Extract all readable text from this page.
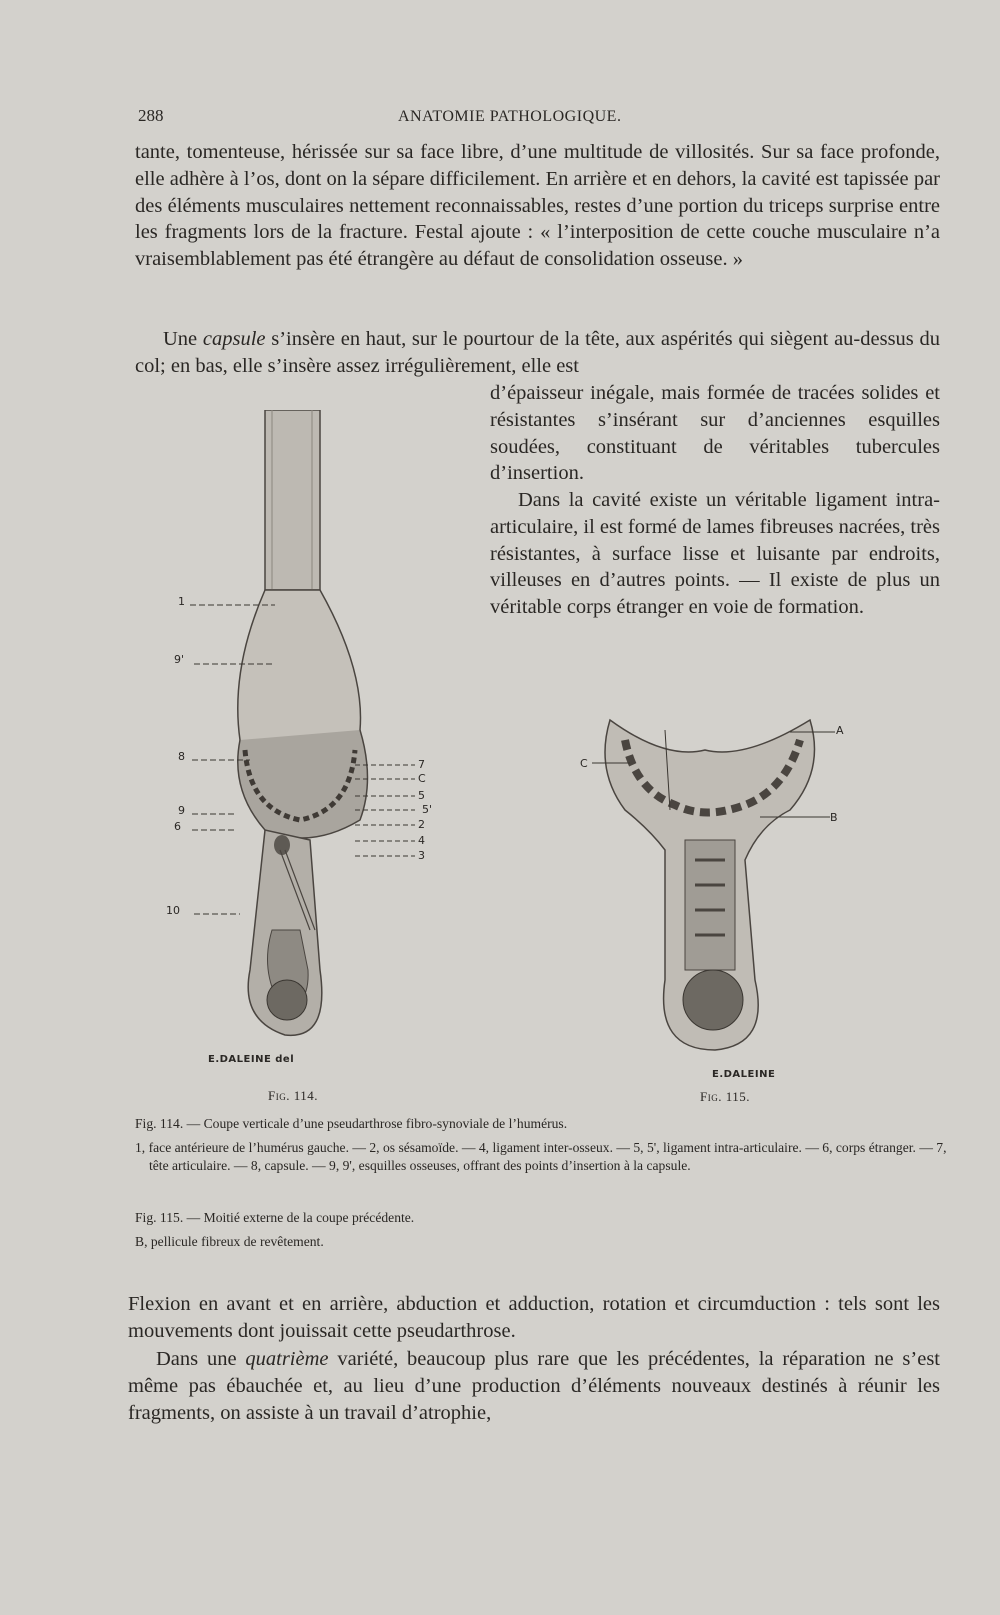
288	ANATOMIE PATHOLOGIQUE.

tante, tomenteuse, hérissée sur sa face libre, d’une multitude de villosités. Sur sa face profonde, elle adhère à l’os, dont on la sépare difficilement. En arrière et en dehors, la cavité est tapissée par des éléments musculaires nettement reconnaissables, restes d’une portion du triceps surprise entre les fragments lors de la fracture. Festal ajoute : « l’interposition de cette couche musculaire n’a vraisemblablement pas été étrangère au défaut de consolidation osseuse. »

Une capsule s’insère en haut, sur le pourtour de la tête, aux aspérités qui siègent au-dessus du col; en bas, elle s’insère assez irrégulièrement, elle est

d’épaisseur inégale, mais formée de tracées solides et résistantes s’insérant sur d’anciennes esquilles soudées, constituant de véritables tubercules d’insertion.

Dans la cavité existe un véritable ligament intra-articulaire, il est formé de lames fibreuses nacrées, très résistantes, à surface lisse et luisante par endroits, villeuses en d’autres points. — Il existe de plus un véritable corps étranger en voie de formation.

1
9'
8
9
6
10
7
C
5
5'
2
4
3
E.DALEINE del
Fig. 114.
A
C
B
E.DALEINE
Fig. 115.

Fig. 114. — Coupe verticale d’une pseudarthrose fibro-synoviale de l’humérus.

1, face antérieure de l’humérus gauche. — 2, os sésamoïde. — 4, ligament inter-osseux. — 5, 5', ligament intra-articulaire. — 6, corps étranger. — 7, tête articulaire. — 8, capsule. — 9, 9', esquilles osseuses, offrant des points d’insertion à la capsule.

Fig. 115. — Moitié externe de la coupe précédente.

B, pellicule fibreux de revêtement.

Flexion en avant et en arrière, abduction et adduction, rotation et circumduction : tels sont les mouvements dont jouissait cette pseudarthrose.

Dans une quatrième variété, beaucoup plus rare que les précédentes, la réparation ne s’est même pas ébauchée et, au lieu d’une production d’éléments nouveaux destinés à réunir les fragments, on assiste à un travail d’atrophie,
